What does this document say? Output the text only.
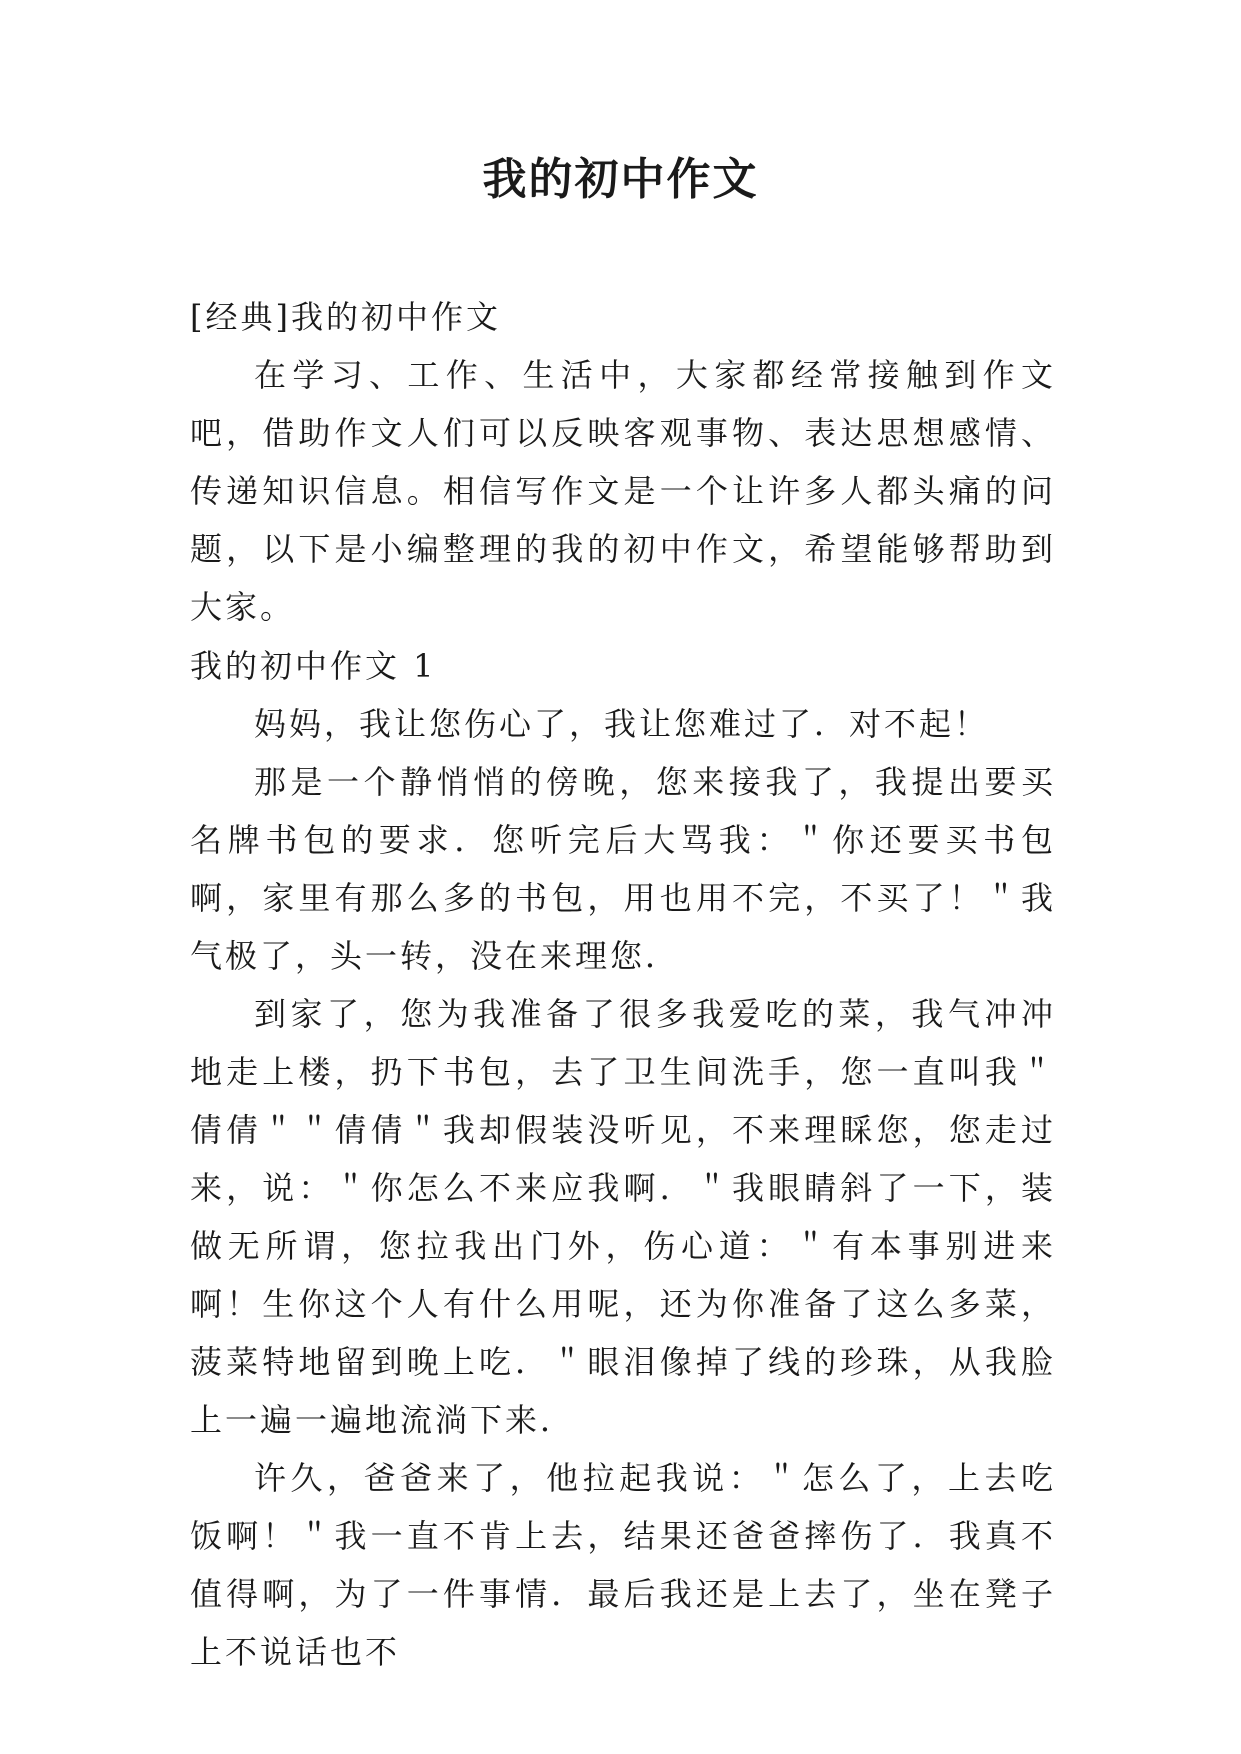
我的初中作文
[经典]我的初中作文

在学习、工作、生活中，大家都经常接触到作文吧，借助作文人们可以反映客观事物、表达思想感情、传递知识信息。相信写作文是一个让许多人都头痛的问题，以下是小编整理的我的初中作文，希望能够帮助到大家。

我的初中作文 1

妈妈，我让您伤心了，我让您难过了．对不起！

那是一个静悄悄的傍晚，您来接我了，我提出要买名牌书包的要求．您听完后大骂我：＂你还要买书包啊，家里有那么多的书包，用也用不完，不买了！＂我气极了，头一转，没在来理您．

到家了，您为我准备了很多我爱吃的菜，我气冲冲地走上楼，扔下书包，去了卫生间洗手，您一直叫我＂倩倩＂＂倩倩＂我却假装没听见，不来理睬您，您走过来，说：＂你怎么不来应我啊．＂我眼睛斜了一下，装做无所谓，您拉我出门外，伤心道：＂有本事别进来啊！生你这个人有什么用呢，还为你准备了这么多菜，菠菜特地留到晚上吃．＂眼泪像掉了线的珍珠，从我脸上一遍一遍地流淌下来．

许久，爸爸来了，他拉起我说：＂怎么了，上去吃饭啊！＂我一直不肯上去，结果还爸爸摔伤了．我真不值得啊，为了一件事情．最后我还是上去了，坐在凳子上不说话也不
